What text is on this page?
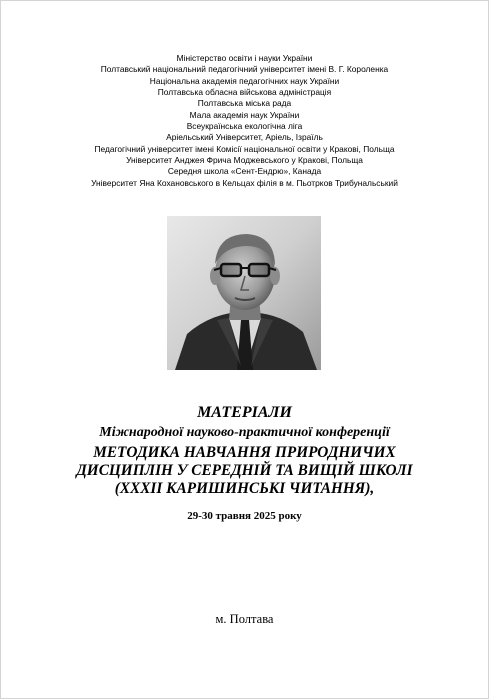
Міністерство освіти і науки України
Полтавський національний педагогічний університет імені В. Г. Короленка
Національна академія педагогічних наук України
Полтавська обласна військова адміністрація
Полтавська міська рада
Мала академія наук України
Всеукраїнська екологічна ліга
Аріельський Університет, Аріель, Ізраїль
Педагогічний університет імені Комісії національної освіти у Кракові, Польща
Університет Анджея Фрича Моджевського у Кракові, Польща
Середня школа «Сент-Ендрю», Канада
Університет Яна Кохановського в Кельцах філія в м. Пьотрков Трибунальський
МАТЕРІАЛИ
Міжнародної науково-практичної конференції
МЕТОДИКА НАВЧАННЯ ПРИРОДНИЧИХ
ДИСЦИПЛІН У СЕРЕДНІЙ ТА ВИЩІЙ ШКОЛІ
(XXXII КАРИШИНСЬКІ ЧИТАННЯ),
29-30 травня 2025 року
м. Полтава
